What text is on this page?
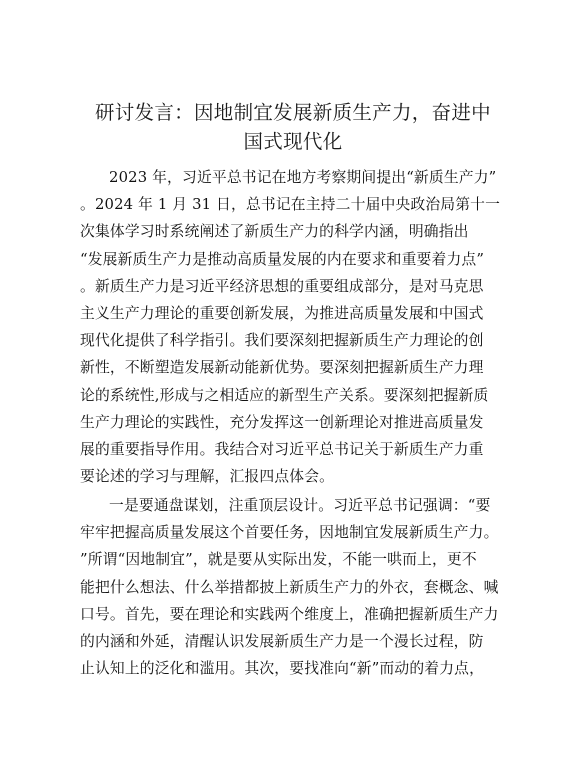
研讨发言：因地制宜发展新质生产力，奋进中
国式现代化
2023 年，习近平总书记在地方考察期间提出“新质生产力”
。2024 年 1 月 31 日，总书记在主持二十届中央政治局第十一
次集体学习时系统阐述了新质生产力的科学内涵，明确指出
“发展新质生产力是推动高质量发展的内在要求和重要着力点”
。新质生产力是习近平经济思想的重要组成部分，是对马克思
主义生产力理论的重要创新发展，为推进高质量发展和中国式
现代化提供了科学指引。我们要深刻把握新质生产力理论的创
新性，不断塑造发展新动能新优势。要深刻把握新质生产力理
论的系统性,形成与之相适应的新型生产关系。要深刻把握新质
生产力理论的实践性，充分发挥这一创新理论对推进高质量发
展的重要指导作用。我结合对习近平总书记关于新质生产力重
要论述的学习与理解，汇报四点体会。
一是要通盘谋划，注重顶层设计。习近平总书记强调：“要
牢牢把握高质量发展这个首要任务，因地制宜发展新质生产力。
”所谓“因地制宜”，就是要从实际出发，不能一哄而上，更不
能把什么想法、什么举措都披上新质生产力的外衣，套概念、喊
口号。首先，要在理论和实践两个维度上，准确把握新质生产力
的内涵和外延，清醒认识发展新质生产力是一个漫长过程，防
止认知上的泛化和滥用。其次，要找准向“新”而动的着力点，
